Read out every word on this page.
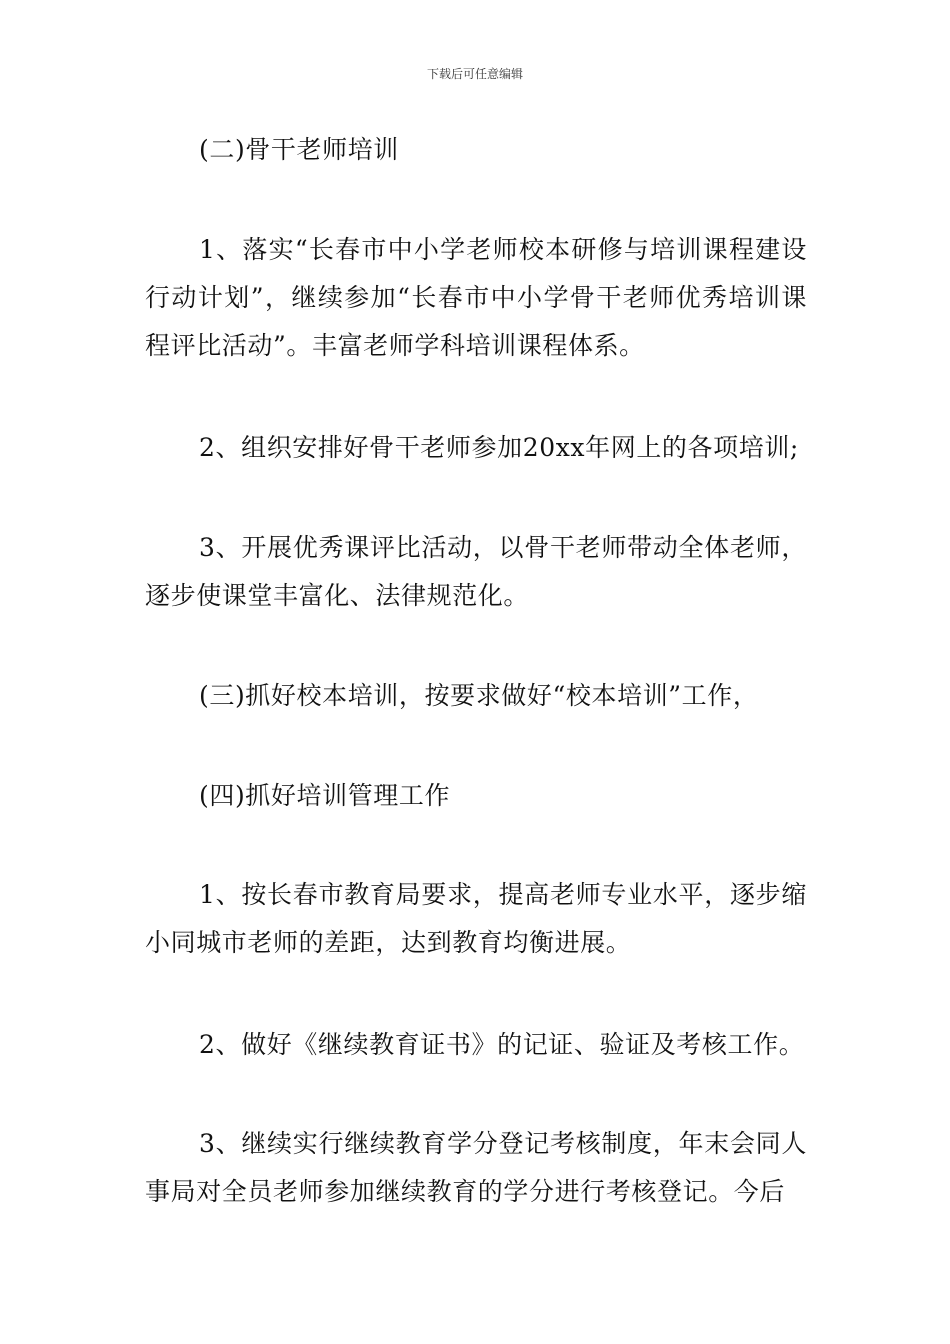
下载后可任意编辑

(二)骨干老师培训

1、落实“长春市中小学老师校本研修与培训课程建设行动计划”，继续参加“长春市中小学骨干老师优秀培训课程评比活动”。丰富老师学科培训课程体系。

2、组织安排好骨干老师参加20xx年网上的各项培训;

3、开展优秀课评比活动，以骨干老师带动全体老师，逐步使课堂丰富化、法律规范化。

(三)抓好校本培训，按要求做好“校本培训”工作，

(四)抓好培训管理工作

1、按长春市教育局要求，提高老师专业水平，逐步缩小同城市老师的差距，达到教育均衡进展。

2、做好《继续教育证书》的记证、验证及考核工作。

3、继续实行继续教育学分登记考核制度，年末会同人事局对全员老师参加继续教育的学分进行考核登记。今后
